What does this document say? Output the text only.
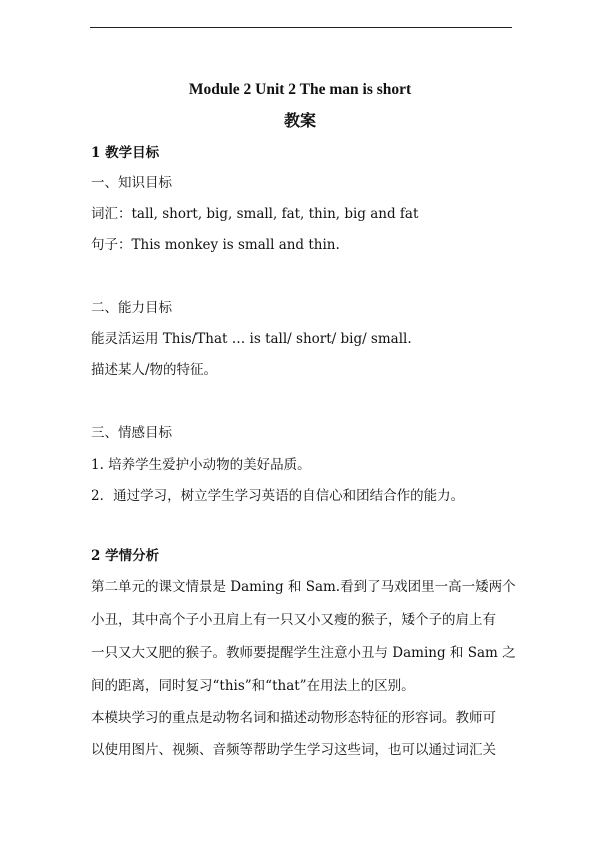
Module 2 Unit 2 The man is short
教案
1 教学目标
一、知识目标
词汇：tall, short, big, small, fat, thin, big and fat
句子：This monkey is small and thin.
二、能力目标
能灵活运用 This/That … is tall/ short/ big/ small.
描述某人/物的特征。
三、情感目标
1. 培养学生爱护小动物的美好品质。
2．通过学习，树立学生学习英语的自信心和团结合作的能力。
2 学情分析
第二单元的课文情景是 Daming 和 Sam.看到了马戏团里一高一矮两个
小丑，其中高个子小丑肩上有一只又小又瘦的猴子，矮个子的肩上有
一只又大又肥的猴子。教师要提醒学生注意小丑与 Daming 和 Sam 之
间的距离，同时复习“this”和“that”在用法上的区别。
本模块学习的重点是动物名词和描述动物形态特征的形容词。教师可
以使用图片、视频、音频等帮助学生学习这些词，也可以通过词汇关
